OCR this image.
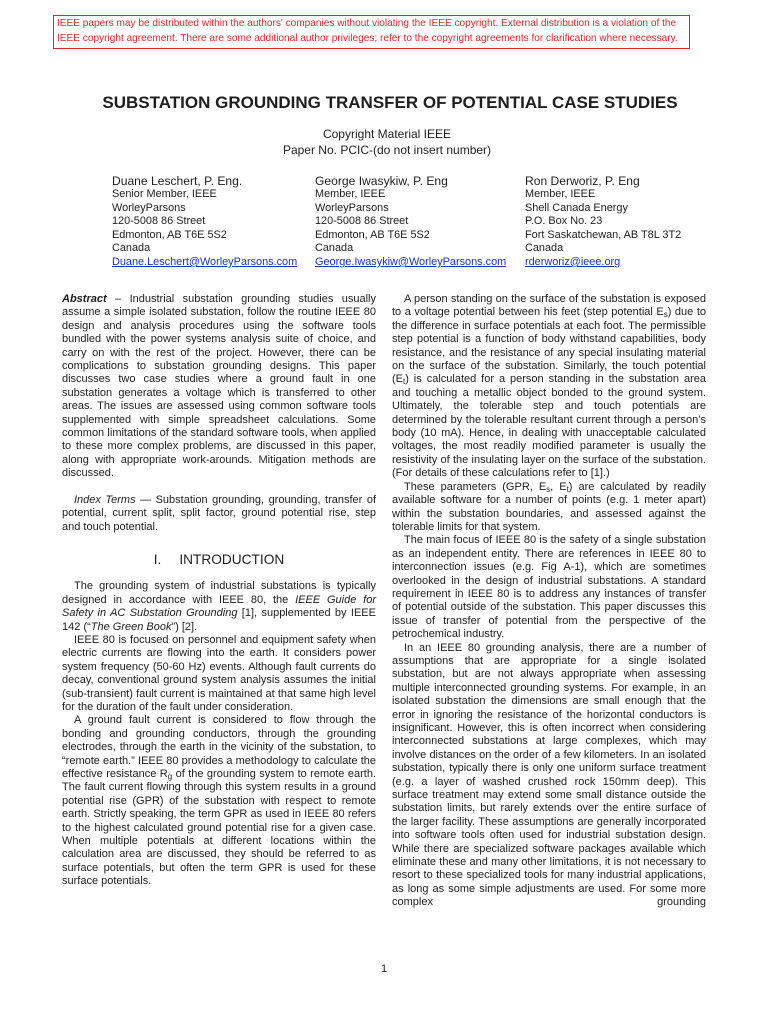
IEEE papers may be distributed within the authors' companies without violating the IEEE copyright. External distribution is a violation of the
IEEE copyright agreement. There are some additional author privileges; refer to the copyright agreements for clarification where necessary.
SUBSTATION GROUNDING TRANSFER OF POTENTIAL CASE STUDIES
Copyright Material IEEE
Paper No. PCIC-(do not insert number)
Duane Leschert, P. Eng.
Senior Member, IEEE
WorleyParsons
120-5008 86 Street
Edmonton, AB T6E 5S2
Canada
Duane.Leschert@WorleyParsons.com
George Iwasykiw, P. Eng
Member, IEEE
WorleyParsons
120-5008 86 Street
Edmonton, AB T6E 5S2
Canada
George.Iwasykiw@WorleyParsons.com
Ron Derworiz, P. Eng
Member, IEEE
Shell Canada Energy
P.O. Box No. 23
Fort Saskatchewan, AB T8L 3T2
Canada
rderworiz@ieee.org

Abstract – Industrial substation grounding studies usually assume a simple isolated substation, follow the routine IEEE 80 design and analysis procedures using the software tools bundled with the power systems analysis suite of choice, and carry on with the rest of the project. However, there can be complications to substation grounding designs. This paper discusses two case studies where a ground fault in one substation generates a voltage which is transferred to other areas. The issues are assessed using common software tools supplemented with simple spreadsheet calculations. Some common limitations of the standard software tools, when applied to these more complex problems, are discussed in this paper, along with appropriate work-arounds. Mitigation methods are discussed.

Index Terms — Substation grounding, grounding, transfer of potential, current split, split factor, ground potential rise, step and touch potential.

I. INTRODUCTION

The grounding system of industrial substations is typically designed in accordance with IEEE 80, the IEEE Guide for Safety in AC Substation Grounding [1], supplemented by IEEE 142 (“The Green Book”) [2].

IEEE 80 is focused on personnel and equipment safety when electric currents are flowing into the earth. It considers power system frequency (50-60 Hz) events. Although fault currents do decay, conventional ground system analysis assumes the initial (sub-transient) fault current is maintained at that same high level for the duration of the fault under consideration.

A ground fault current is considered to flow through the bonding and grounding conductors, through the grounding electrodes, through the earth in the vicinity of the substation, to “remote earth.” IEEE 80 provides a methodology to calculate the effective resistance $R_g$ of the grounding system to remote earth. The fault current flowing through this system results in a ground potential rise (GPR) of the substation with respect to remote earth. Strictly speaking, the term GPR as used in IEEE 80 refers to the highest calculated ground potential rise for a given case. When multiple potentials at different locations within the calculation area are discussed, they should be referred to as surface potentials, but often the term GPR is used for these surface potentials.

A person standing on the surface of the substation is exposed to a voltage potential between his feet (step potential $E_s$) due to the difference in surface potentials at each foot. The permissible step potential is a function of body withstand capabilities, body resistance, and the resistance of any special insulating material on the surface of the substation. Similarly, the touch potential $(E_t)$ is calculated for a person standing in the substation area and touching a metallic object bonded to the ground system. Ultimately, the tolerable step and touch potentials are determined by the tolerable resultant current through a person’s body (10 mA). Hence, in dealing with unacceptable calculated voltages, the most readily modified parameter is usually the resistivity of the insulating layer on the surface of the substation. (For details of these calculations refer to [1].)

These parameters (GPR, $E_s$, $E_t$) are calculated by readily available software for a number of points (e.g. 1 meter apart) within the substation boundaries, and assessed against the tolerable limits for that system.

The main focus of IEEE 80 is the safety of a single substation as an independent entity. There are references in IEEE 80 to interconnection issues (e.g. Fig A-1), which are sometimes overlooked in the design of industrial substations. A standard requirement in IEEE 80 is to address any instances of transfer of potential outside of the substation. This paper discusses this issue of transfer of potential from the perspective of the petrochemical industry.

In an IEEE 80 grounding analysis, there are a number of assumptions that are appropriate for a single isolated substation, but are not always appropriate when assessing multiple interconnected grounding systems. For example, in an isolated substation the dimensions are small enough that the error in ignoring the resistance of the horizontal conductors is insignificant. However, this is often incorrect when considering interconnected substations at large complexes, which may involve distances on the order of a few kilometers. In an isolated substation, typically there is only one uniform surface treatment (e.g. a layer of washed crushed rock 150mm deep). This surface treatment may extend some small distance outside the substation limits, but rarely extends over the entire surface of the larger facility. These assumptions are generally incorporated into software tools often used for industrial substation design. While there are specialized software packages available which eliminate these and many other limitations, it is not necessary to resort to these specialized tools for many industrial applications, as long as some simple adjustments are used. For some more complex grounding

1
